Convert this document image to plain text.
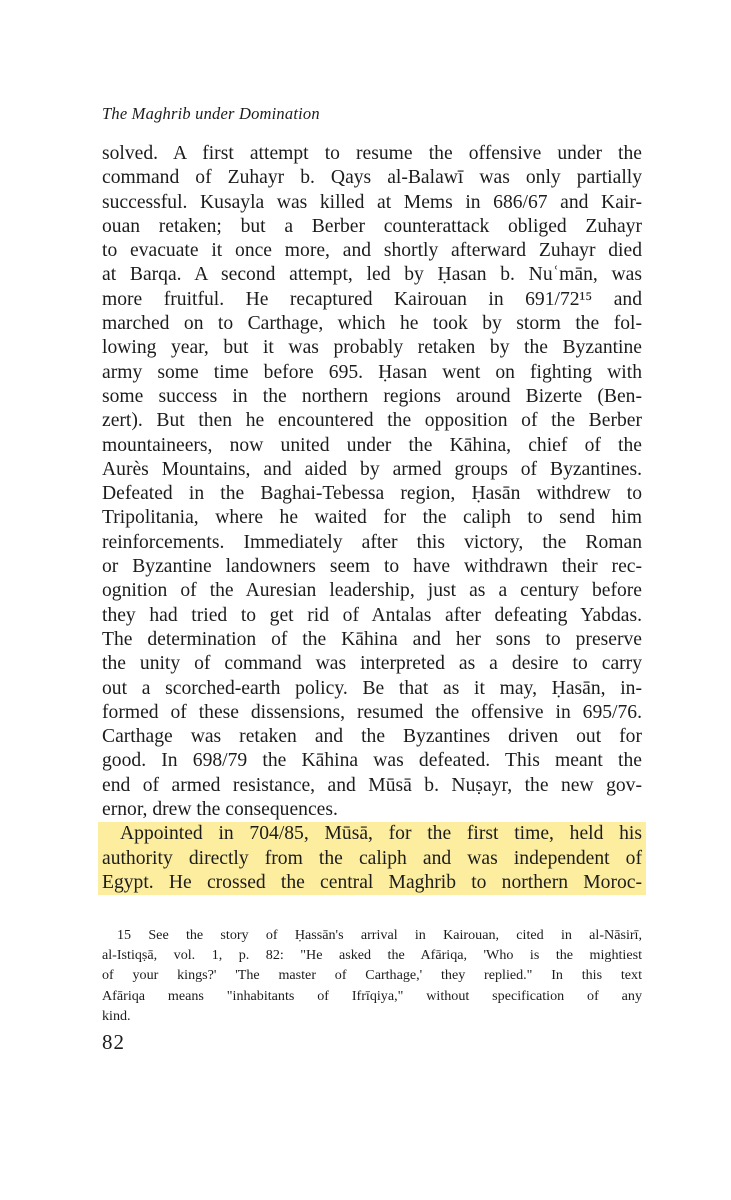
The Maghrib under Domination
solved. A first attempt to resume the offensive under the
command of Zuhayr b. Qays al-Balawī was only partially
successful. Kusayla was killed at Mems in 686/67 and Kair-
ouan retaken; but a Berber counterattack obliged Zuhayr
to evacuate it once more, and shortly afterward Zuhayr died
at Barqa. A second attempt, led by Ḥasan b. Nuʿmān, was
more fruitful. He recaptured Kairouan in 691/72¹⁵ and
marched on to Carthage, which he took by storm the fol-
lowing year, but it was probably retaken by the Byzantine
army some time before 695. Ḥasan went on fighting with
some success in the northern regions around Bizerte (Ben-
zert). But then he encountered the opposition of the Berber
mountaineers, now united under the Kāhina, chief of the
Aurès Mountains, and aided by armed groups of Byzantines.
Defeated in the Baghai-Tebessa region, Ḥasān withdrew to
Tripolitania, where he waited for the caliph to send him
reinforcements. Immediately after this victory, the Roman
or Byzantine landowners seem to have withdrawn their rec-
ognition of the Auresian leadership, just as a century before
they had tried to get rid of Antalas after defeating Yabdas.
The determination of the Kāhina and her sons to preserve
the unity of command was interpreted as a desire to carry
out a scorched-earth policy. Be that as it may, Ḥasān, in-
formed of these dissensions, resumed the offensive in 695/76.
Carthage was retaken and the Byzantines driven out for
good. In 698/79 the Kāhina was defeated. This meant the
end of armed resistance, and Mūsā b. Nuṣayr, the new gov-
ernor, drew the consequences.
Appointed in 704/85, Mūsā, for the first time, held his
authority directly from the caliph and was independent of
Egypt. He crossed the central Maghrib to northern Moroc-
15 See the story of Ḥassān's arrival in Kairouan, cited in al-Nāsirī,
al-Istiqṣā, vol. 1, p. 82: "He asked the Afāriqa, 'Who is the mightiest
of your kings?' 'The master of Carthage,' they replied." In this text
Afāriqa means "inhabitants of Ifrīqiya," without specification of any
kind.
82
